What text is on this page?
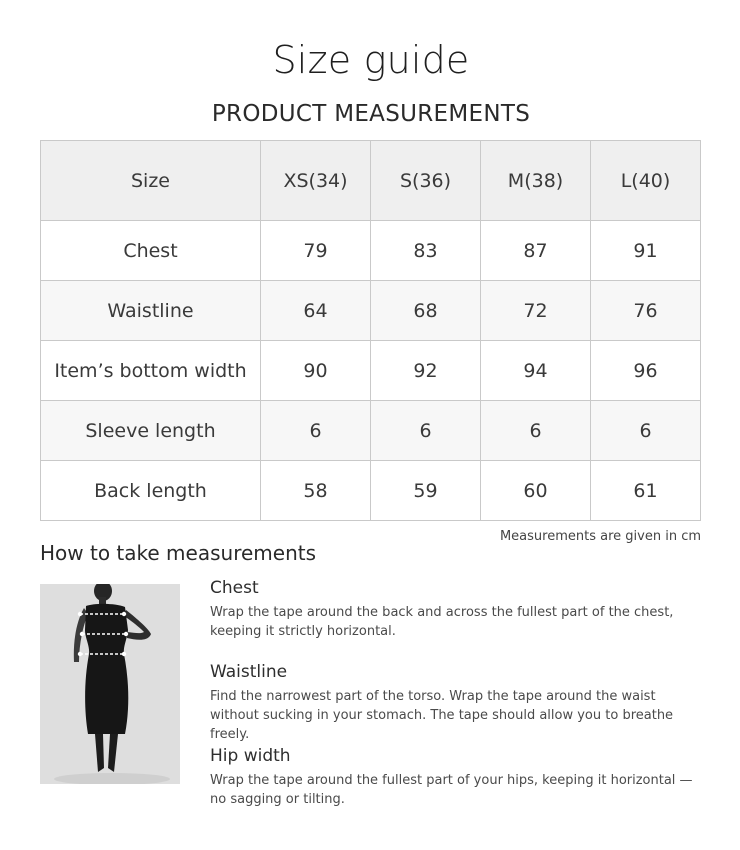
Size guide
PRODUCT MEASUREMENTS
Size	XS(34)	S(36)	M(38)	L(40)
Chest	79	83	87	91
Waistline	64	68	72	76
Item’s bottom width	90	92	94	96
Sleeve length	6	6	6	6
Back length	58	59	60	61
Measurements are given in cm
How to take measurements
Chest

Wrap the tape around the back and across the fullest part of the chest, keeping it strictly horizontal.

Waistline

Find the narrowest part of the torso. Wrap the tape around the waist without sucking in your stomach. The tape should allow you to breathe freely.

Hip width

Wrap the tape around the fullest part of your hips, keeping it horizontal — no sagging or tilting.
